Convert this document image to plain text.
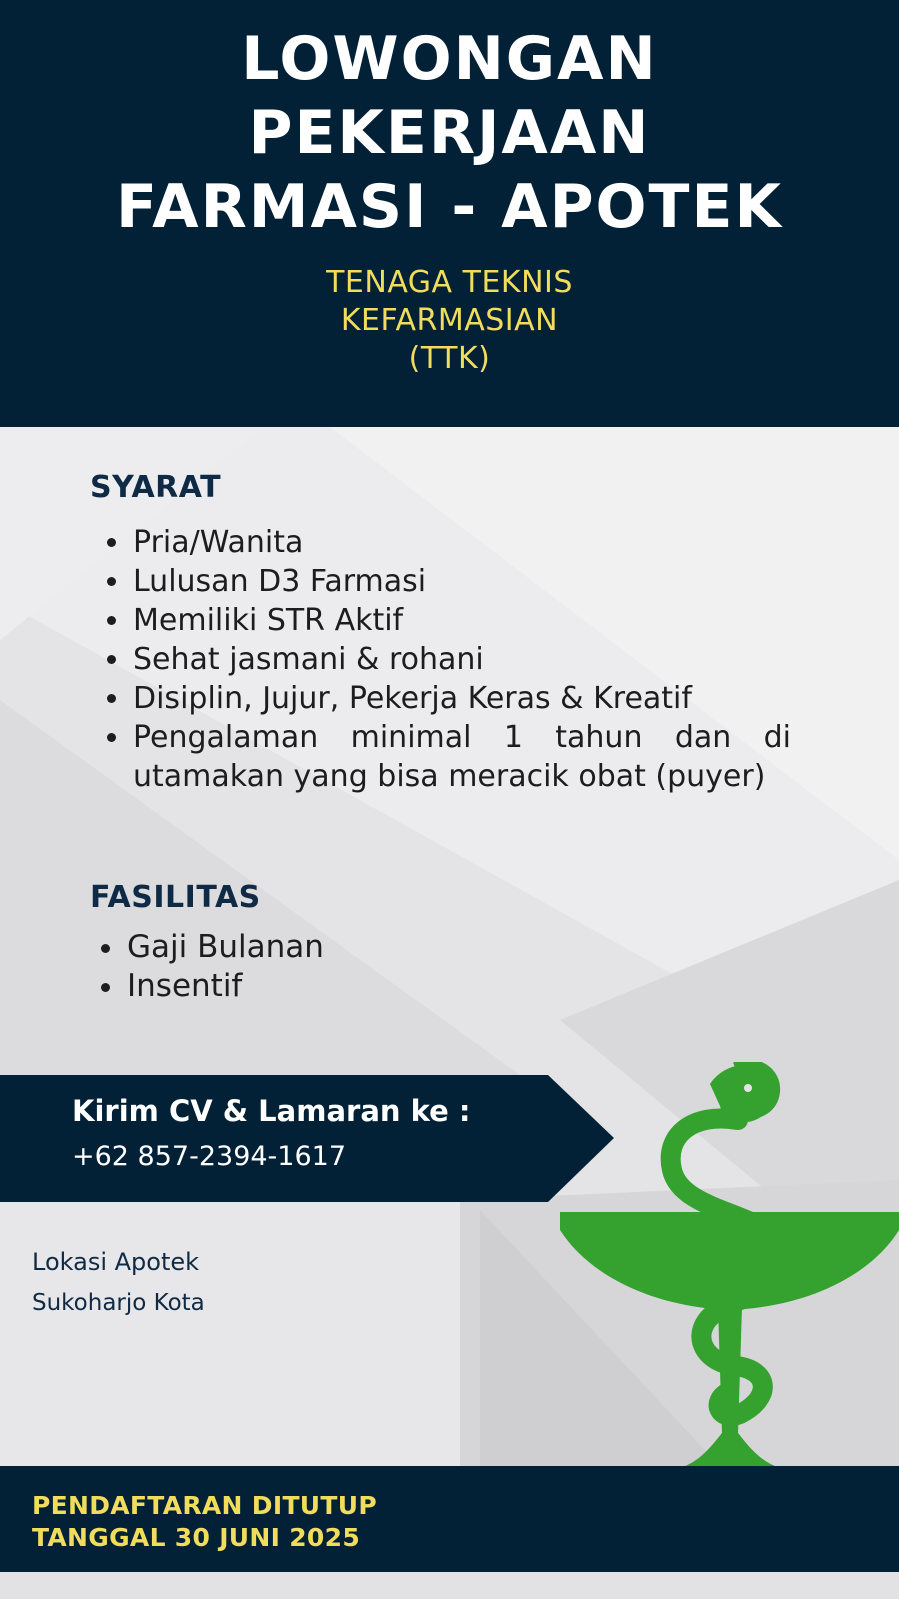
LOWONGAN
PEKERJAAN
FARMASI - APOTEK
TENAGA TEKNIS
KEFARMASIAN
(TTK)
SYARAT
Pria/Wanita
Lulusan D3 Farmasi
Memiliki STR Aktif
Sehat jasmani & rohani
Disiplin, Jujur, Pekerja Keras & Kreatif
Pengalaman minimal 1 tahun dan di utamakan yang bisa meracik obat (puyer)
FASILITAS
Gaji Bulanan
Insentif
Kirim CV & Lamaran ke :
+62 857-2394-1617
Lokasi Apotek
Sukoharjo Kota
PENDAFTARAN DITUTUP
TANGGAL 30 JUNI 2025
